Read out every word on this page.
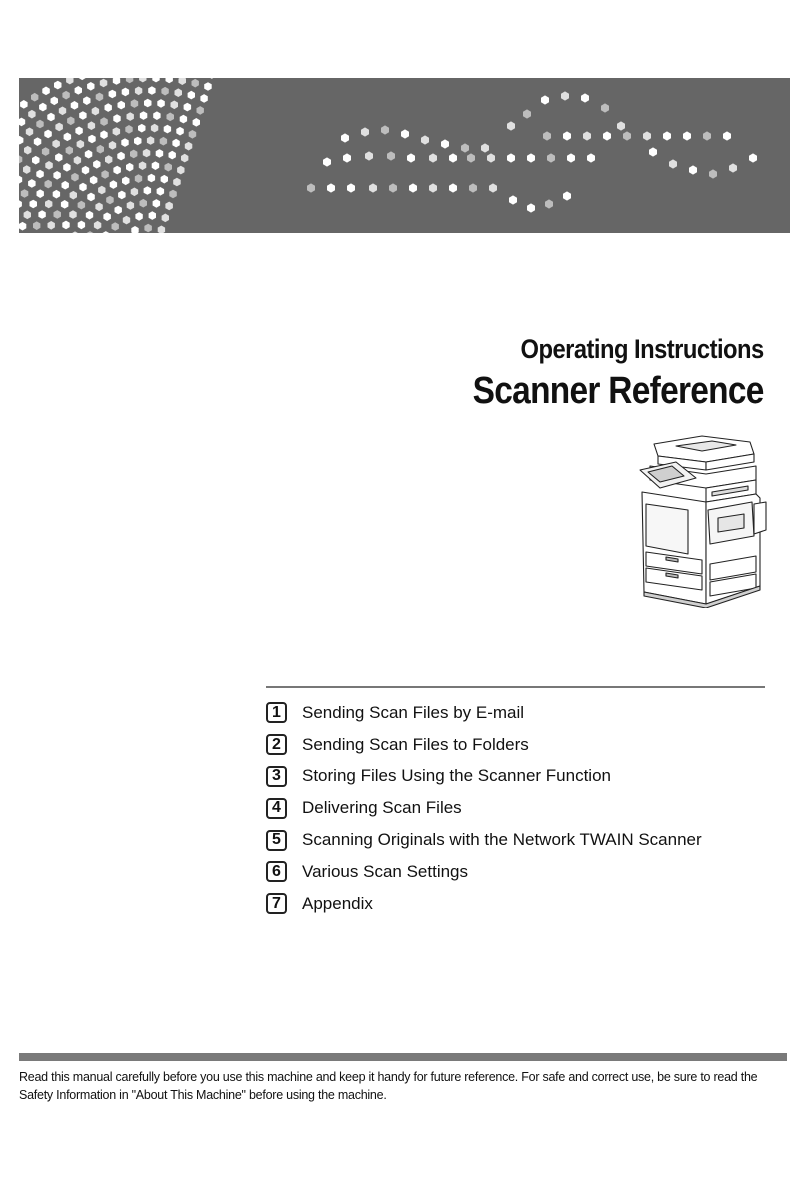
Operating Instructions
Scanner Reference
1	Sending Scan Files by E-mail
2	Sending Scan Files to Folders
3	Storing Files Using the Scanner Function
4	Delivering Scan Files
5	Scanning Originals with the Network TWAIN Scanner
6	Various Scan Settings
7	Appendix
Read this manual carefully before you use this machine and keep it handy for future reference. For safe and correct use, be sure to read the Safety Information in "About This Machine" before using the machine.
